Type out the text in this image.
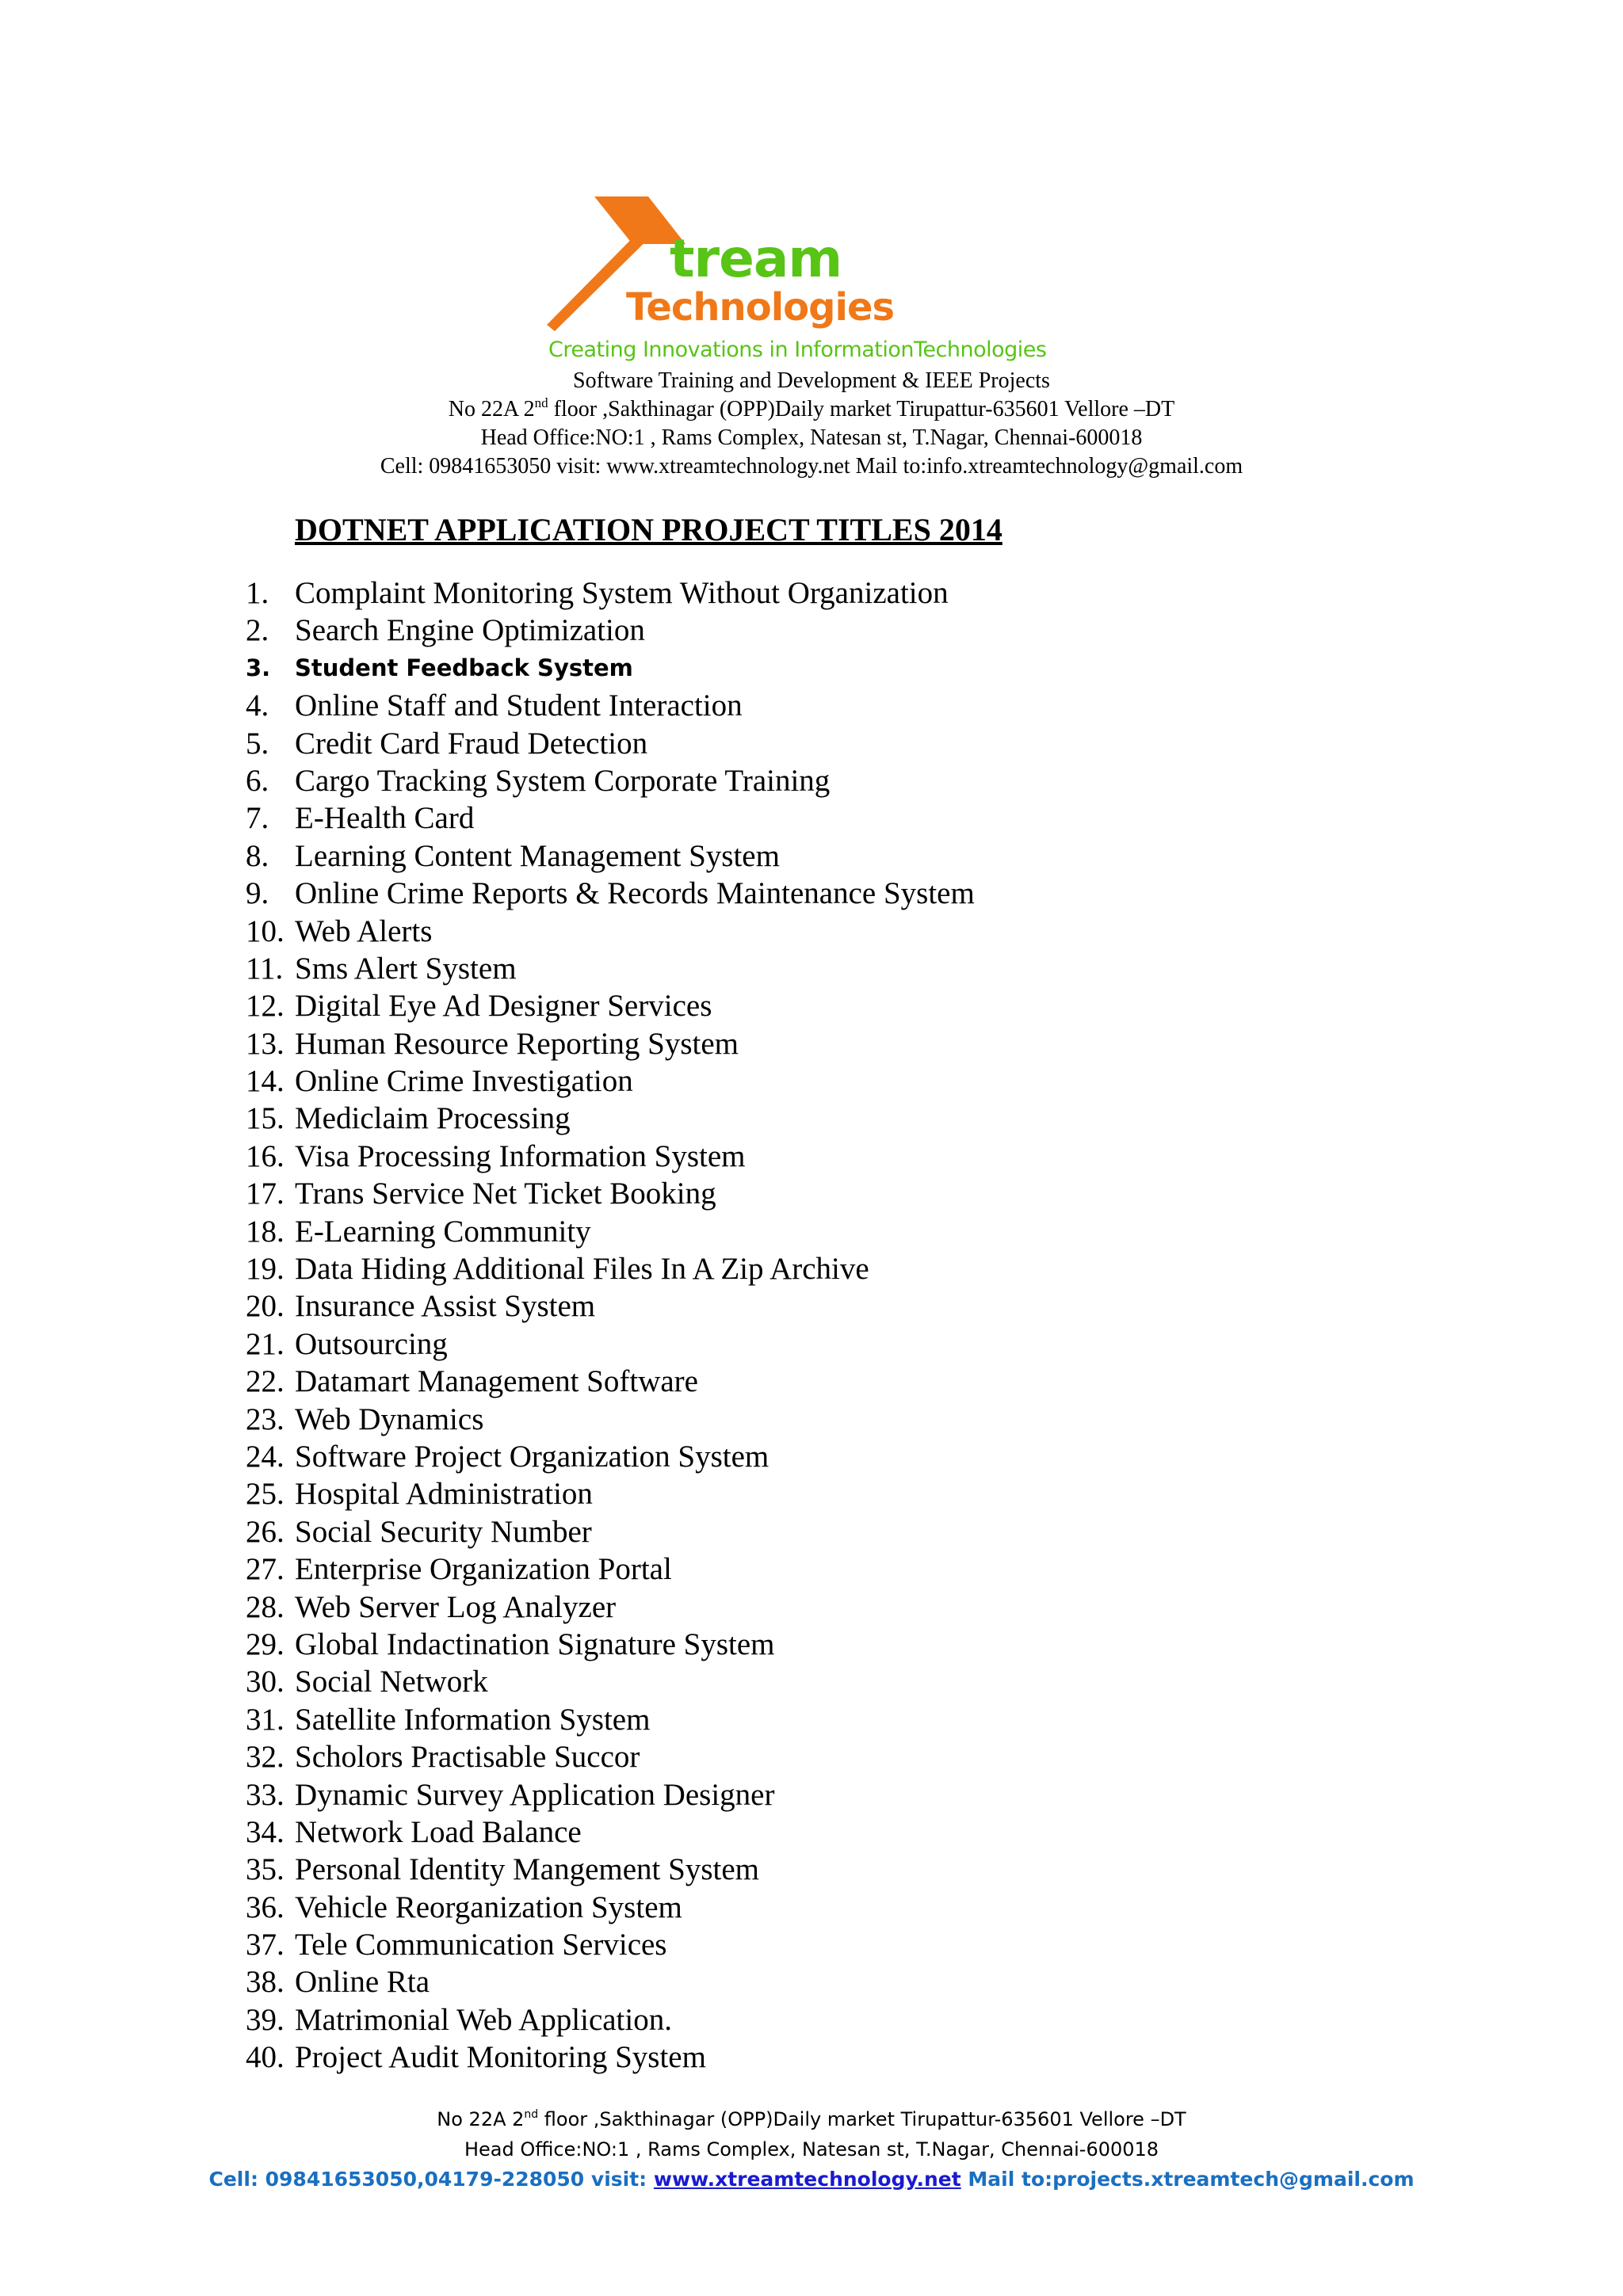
tream
Technologies
Creating Innovations in InformationTechnologies
Software Training and Development & IEEE Projects
No 22A 2nd floor ,Sakthinagar (OPP)Daily market Tirupattur-635601 Vellore –DT
Head Office:NO:1 , Rams Complex, Natesan st, T.Nagar, Chennai-600018
Cell: 09841653050 visit: www.xtreamtechnology.net Mail to:info.xtreamtechnology@gmail.com
DOTNET APPLICATION PROJECT TITLES 2014
1. Complaint Monitoring System Without Organization
2. Search Engine Optimization
3. Student Feedback System
4. Online Staff and Student Interaction
5. Credit Card Fraud Detection
6. Cargo Tracking System Corporate Training
7. E-Health Card
8. Learning Content Management System
9. Online Crime Reports & Records Maintenance System
10. Web Alerts
11. Sms Alert System
12. Digital Eye Ad Designer Services
13. Human Resource Reporting System
14. Online Crime Investigation
15. Mediclaim Processing
16. Visa Processing Information System
17. Trans Service Net Ticket Booking
18. E-Learning Community
19. Data Hiding Additional Files In A Zip Archive
20. Insurance Assist System
21. Outsourcing
22. Datamart Management Software
23. Web Dynamics
24. Software Project Organization System
25. Hospital Administration
26. Social Security Number
27. Enterprise Organization Portal
28. Web Server Log Analyzer
29. Global Indactination Signature System
30. Social Network
31. Satellite Information System
32. Scholors Practisable Succor
33. Dynamic Survey Application Designer
34. Network Load Balance
35. Personal Identity Mangement System
36. Vehicle Reorganization System
37. Tele Communication Services
38. Online Rta
39. Matrimonial Web Application.
40. Project Audit Monitoring System
No 22A 2nd floor ,Sakthinagar (OPP)Daily market Tirupattur-635601 Vellore –DT
Head Office:NO:1 , Rams Complex, Natesan st, T.Nagar, Chennai-600018
Cell: 09841653050,04179-228050 visit: www.xtreamtechnology.net Mail to:projects.xtreamtech@gmail.com
